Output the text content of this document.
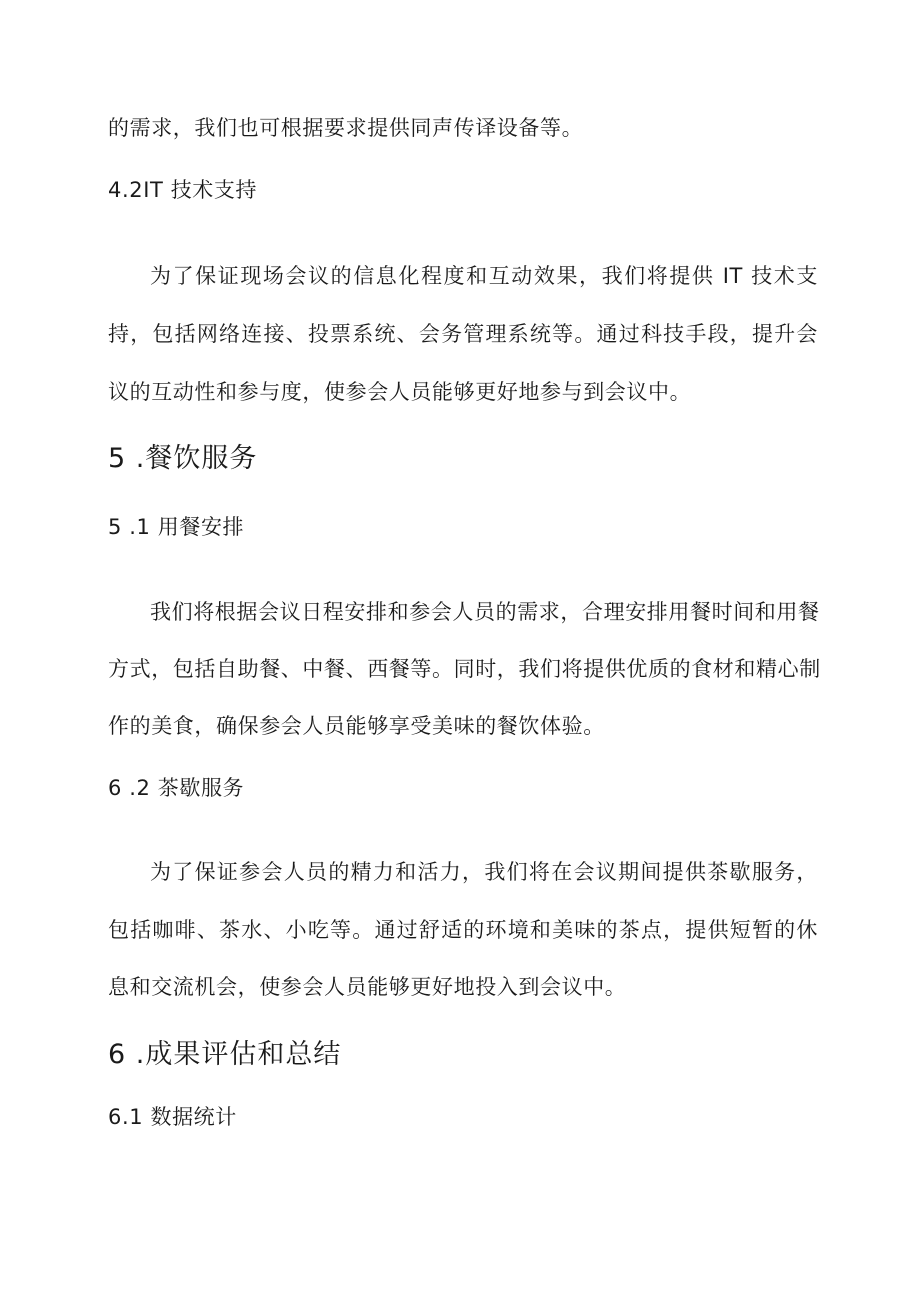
的需求，我们也可根据要求提供同声传译设备等。
4.2IT 技术支持
为了保证现场会议的信息化程度和互动效果，我们将提供 IT 技术支
持，包括网络连接、投票系统、会务管理系统等。通过科技手段，提升会
议的互动性和参与度，使参会人员能够更好地参与到会议中。
5 .餐饮服务
5 .1 用餐安排
我们将根据会议日程安排和参会人员的需求，合理安排用餐时间和用餐
方式，包括自助餐、中餐、西餐等。同时，我们将提供优质的食材和精心制
作的美食，确保参会人员能够享受美味的餐饮体验。
6 .2 茶歇服务
为了保证参会人员的精力和活力，我们将在会议期间提供茶歇服务，
包括咖啡、茶水、小吃等。通过舒适的环境和美味的茶点，提供短暂的休
息和交流机会，使参会人员能够更好地投入到会议中。
6 .成果评估和总结
6.1 数据统计
